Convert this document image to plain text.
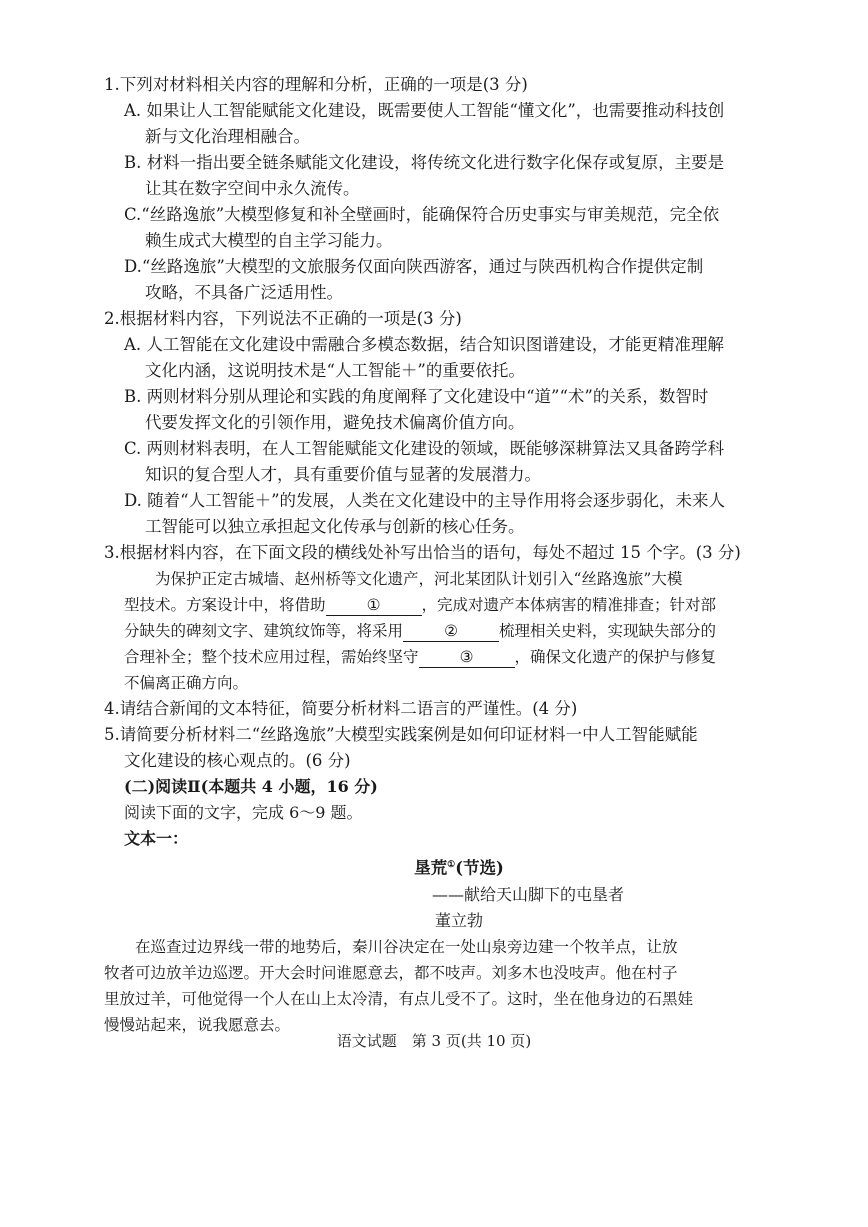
1.下列对材料相关内容的理解和分析，正确的一项是(3 分)

A. 如果让人工智能赋能文化建设，既需要使人工智能“懂文化”，也需要推动科技创
新与文化治理相融合。
B. 材料一指出要全链条赋能文化建设，将传统文化进行数字化保存或复原，主要是
让其在数字空间中永久流传。
C.“丝路逸旅”大模型修复和补全壁画时，能确保符合历史事实与审美规范，完全依
赖生成式大模型的自主学习能力。
D.“丝路逸旅”大模型的文旅服务仅面向陕西游客，通过与陕西机构合作提供定制
攻略，不具备广泛适用性。

2.根据材料内容，下列说法不正确的一项是(3 分)

A. 人工智能在文化建设中需融合多模态数据，结合知识图谱建设，才能更精准理解
文化内涵，这说明技术是“人工智能＋”的重要依托。
B. 两则材料分别从理论和实践的角度阐释了文化建设中“道”“术”的关系，数智时
代要发挥文化的引领作用，避免技术偏离价值方向。
C. 两则材料表明，在人工智能赋能文化建设的领域，既能够深耕算法又具备跨学科
知识的复合型人才，具有重要价值与显著的发展潜力。
D. 随着“人工智能＋”的发展，人类在文化建设中的主导作用将会逐步弱化，未来人
工智能可以独立承担起文化传承与创新的核心任务。

3.根据材料内容，在下面文段的横线处补写出恰当的语句，每处不超过 15 个字。(3 分)

为保护正定古城墙、赵州桥等文化遗产，河北某团队计划引入“丝路逸旅”大模

型技术。方案设计中，将借助	①	，完成对遗产本体病害的精准排查；针对部

分缺失的碑刻文字、建筑纹饰等，将采用	②	梳理相关史料，实现缺失部分的

合理补全；整个技术应用过程，需始终坚守	③	，确保文化遗产的保护与修复

不偏离正确方向。

4.请结合新闻的文本特征，简要分析材料二语言的严谨性。(4 分)

5.请简要分析材料二“丝路逸旅”大模型实践案例是如何印证材料一中人工智能赋能

文化建设的核心观点的。(6 分)

(二)阅读Ⅱ(本题共 4 小题，16 分)
阅读下面的文字，完成 6～9 题。
文本一：
垦荒①(节选)
——献给天山脚下的屯垦者
董立勃

在巡查过边界线一带的地势后，秦川谷决定在一处山泉旁边建一个牧羊点，让放

牧者可边放羊边巡逻。开大会时问谁愿意去，都不吱声。刘多木也没吱声。他在村子

里放过羊，可他觉得一个人在山上太冷清，有点儿受不了。这时，坐在他身边的石黑娃

慢慢站起来，说我愿意去。

语文试题　第 3 页(共 10 页)
